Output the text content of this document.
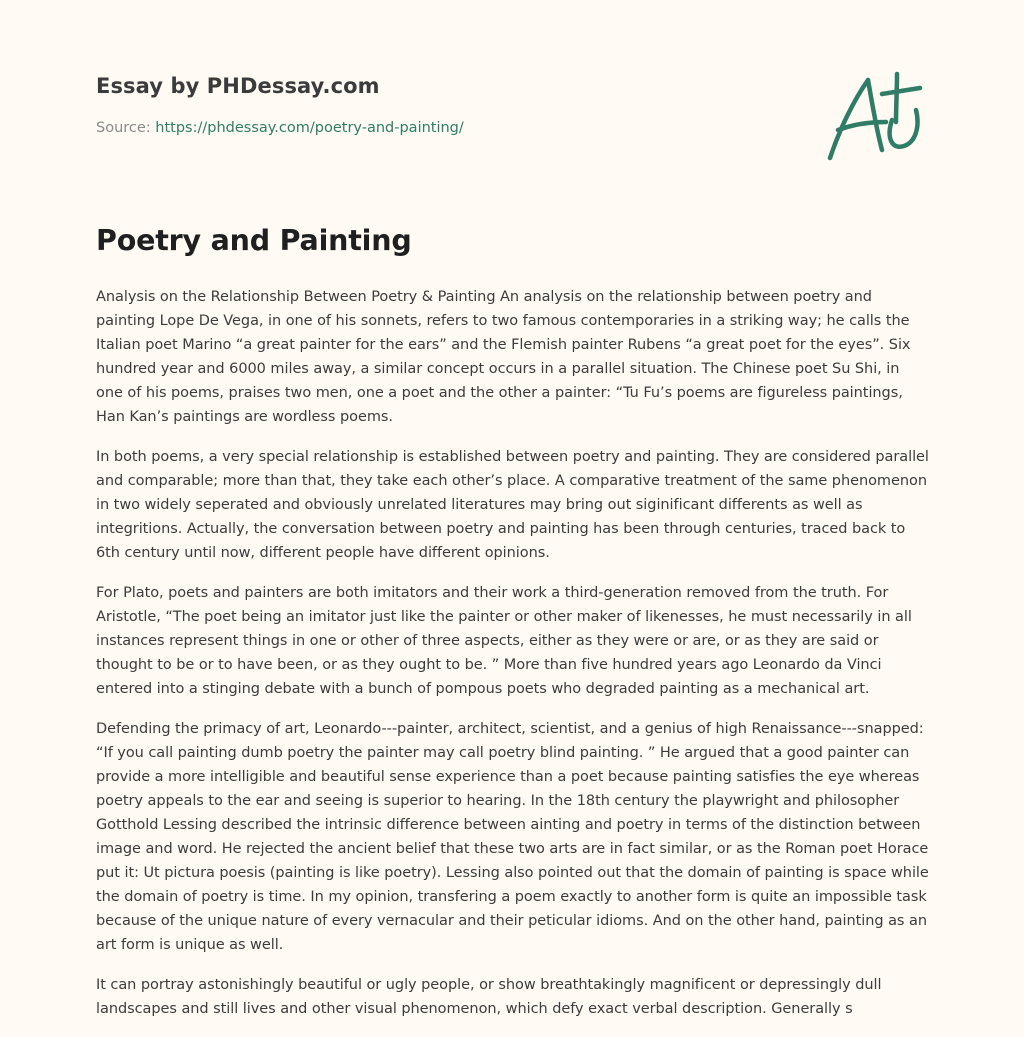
Essay by PHDessay.com
Source: https://phdessay.com/poetry-and-painting/
Poetry and Painting

Analysis on the Relationship Between Poetry & Painting An analysis on the relationship between poetry and painting Lope De Vega, in one of his sonnets, refers to two famous contemporaries in a striking way; he calls the Italian poet Marino “a great painter for the ears” and the Flemish painter Rubens “a great poet for the eyes”. Six hundred year and 6000 miles away, a similar concept occurs in a parallel situation. The Chinese poet Su Shi, in one of his poems, praises two men, one a poet and the other a painter: “Tu Fu’s poems are figureless paintings, Han Kan’s paintings are wordless poems.

In both poems, a very special relationship is established between poetry and painting. They are considered parallel and comparable; more than that, they take each other’s place. A comparative treatment of the same phenomenon in two widely seperated and obviously unrelated literatures may bring out siginificant differents as well as integritions. Actually, the conversation between poetry and painting has been through centuries, traced back to 6th century until now, different people have different opinions.

For Plato, poets and painters are both imitators and their work a third-generation removed from the truth. For Aristotle, “The poet being an imitator just like the painter or other maker of likenesses, he must necessarily in all instances represent things in one or other of three aspects, either as they were or are, or as they are said or thought to be or to have been, or as they ought to be. ” More than five hundred years ago Leonardo da Vinci entered into a stinging debate with a bunch of pompous poets who degraded painting as a mechanical art.

Defending the primacy of art, Leonardo---painter, architect, scientist, and a genius of high Renaissance---snapped: “If you call painting dumb poetry the painter may call poetry blind painting. ” He argued that a good painter can provide a more intelligible and beautiful sense experience than a poet because painting satisfies the eye whereas poetry appeals to the ear and seeing is superior to hearing. In the 18th century the playwright and philosopher Gotthold Lessing described the intrinsic difference between ainting and poetry in terms of the distinction between image and word. He rejected the ancient belief that these two arts are in fact similar, or as the Roman poet Horace put it: Ut pictura poesis (painting is like poetry). Lessing also pointed out that the domain of painting is space while the domain of poetry is time. In my opinion, transfering a poem exactly to another form is quite an impossible task because of the unique nature of every vernacular and their peticular idioms. And on the other hand, painting as an art form is unique as well.

It can portray astonishingly beautiful or ugly people, or show breathtakingly magnificent or depressingly dull landscapes and still lives and other visual phenomenon, which defy exact verbal description. Generally s
